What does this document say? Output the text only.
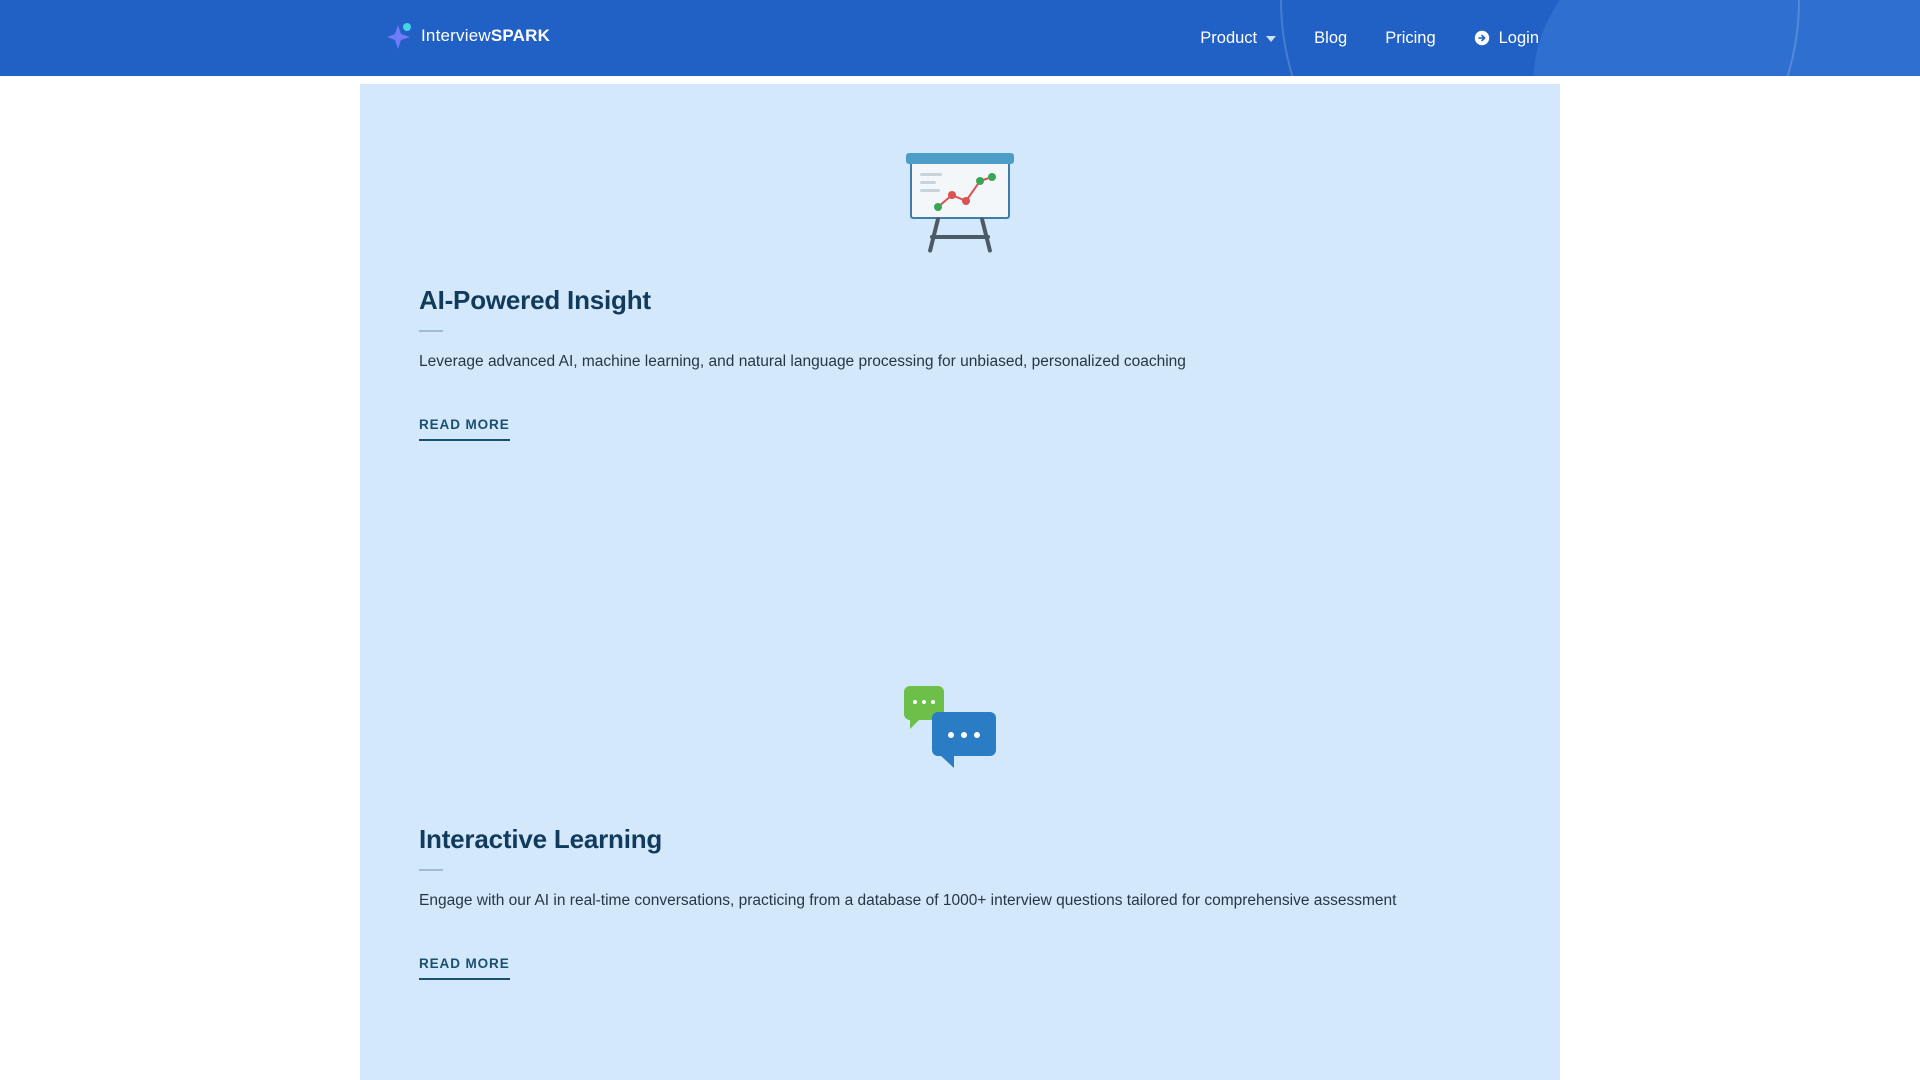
InterviewSPARK	Product	Blog Pricing	Login
AI-Powered Insight

Leverage advanced AI, machine learning, and natural language processing for unbiased, personalized coaching

READ MORE
Interactive Learning

Engage with our AI in real-time conversations, practicing from a database of 1000+ interview questions tailored for comprehensive assessment

READ MORE
